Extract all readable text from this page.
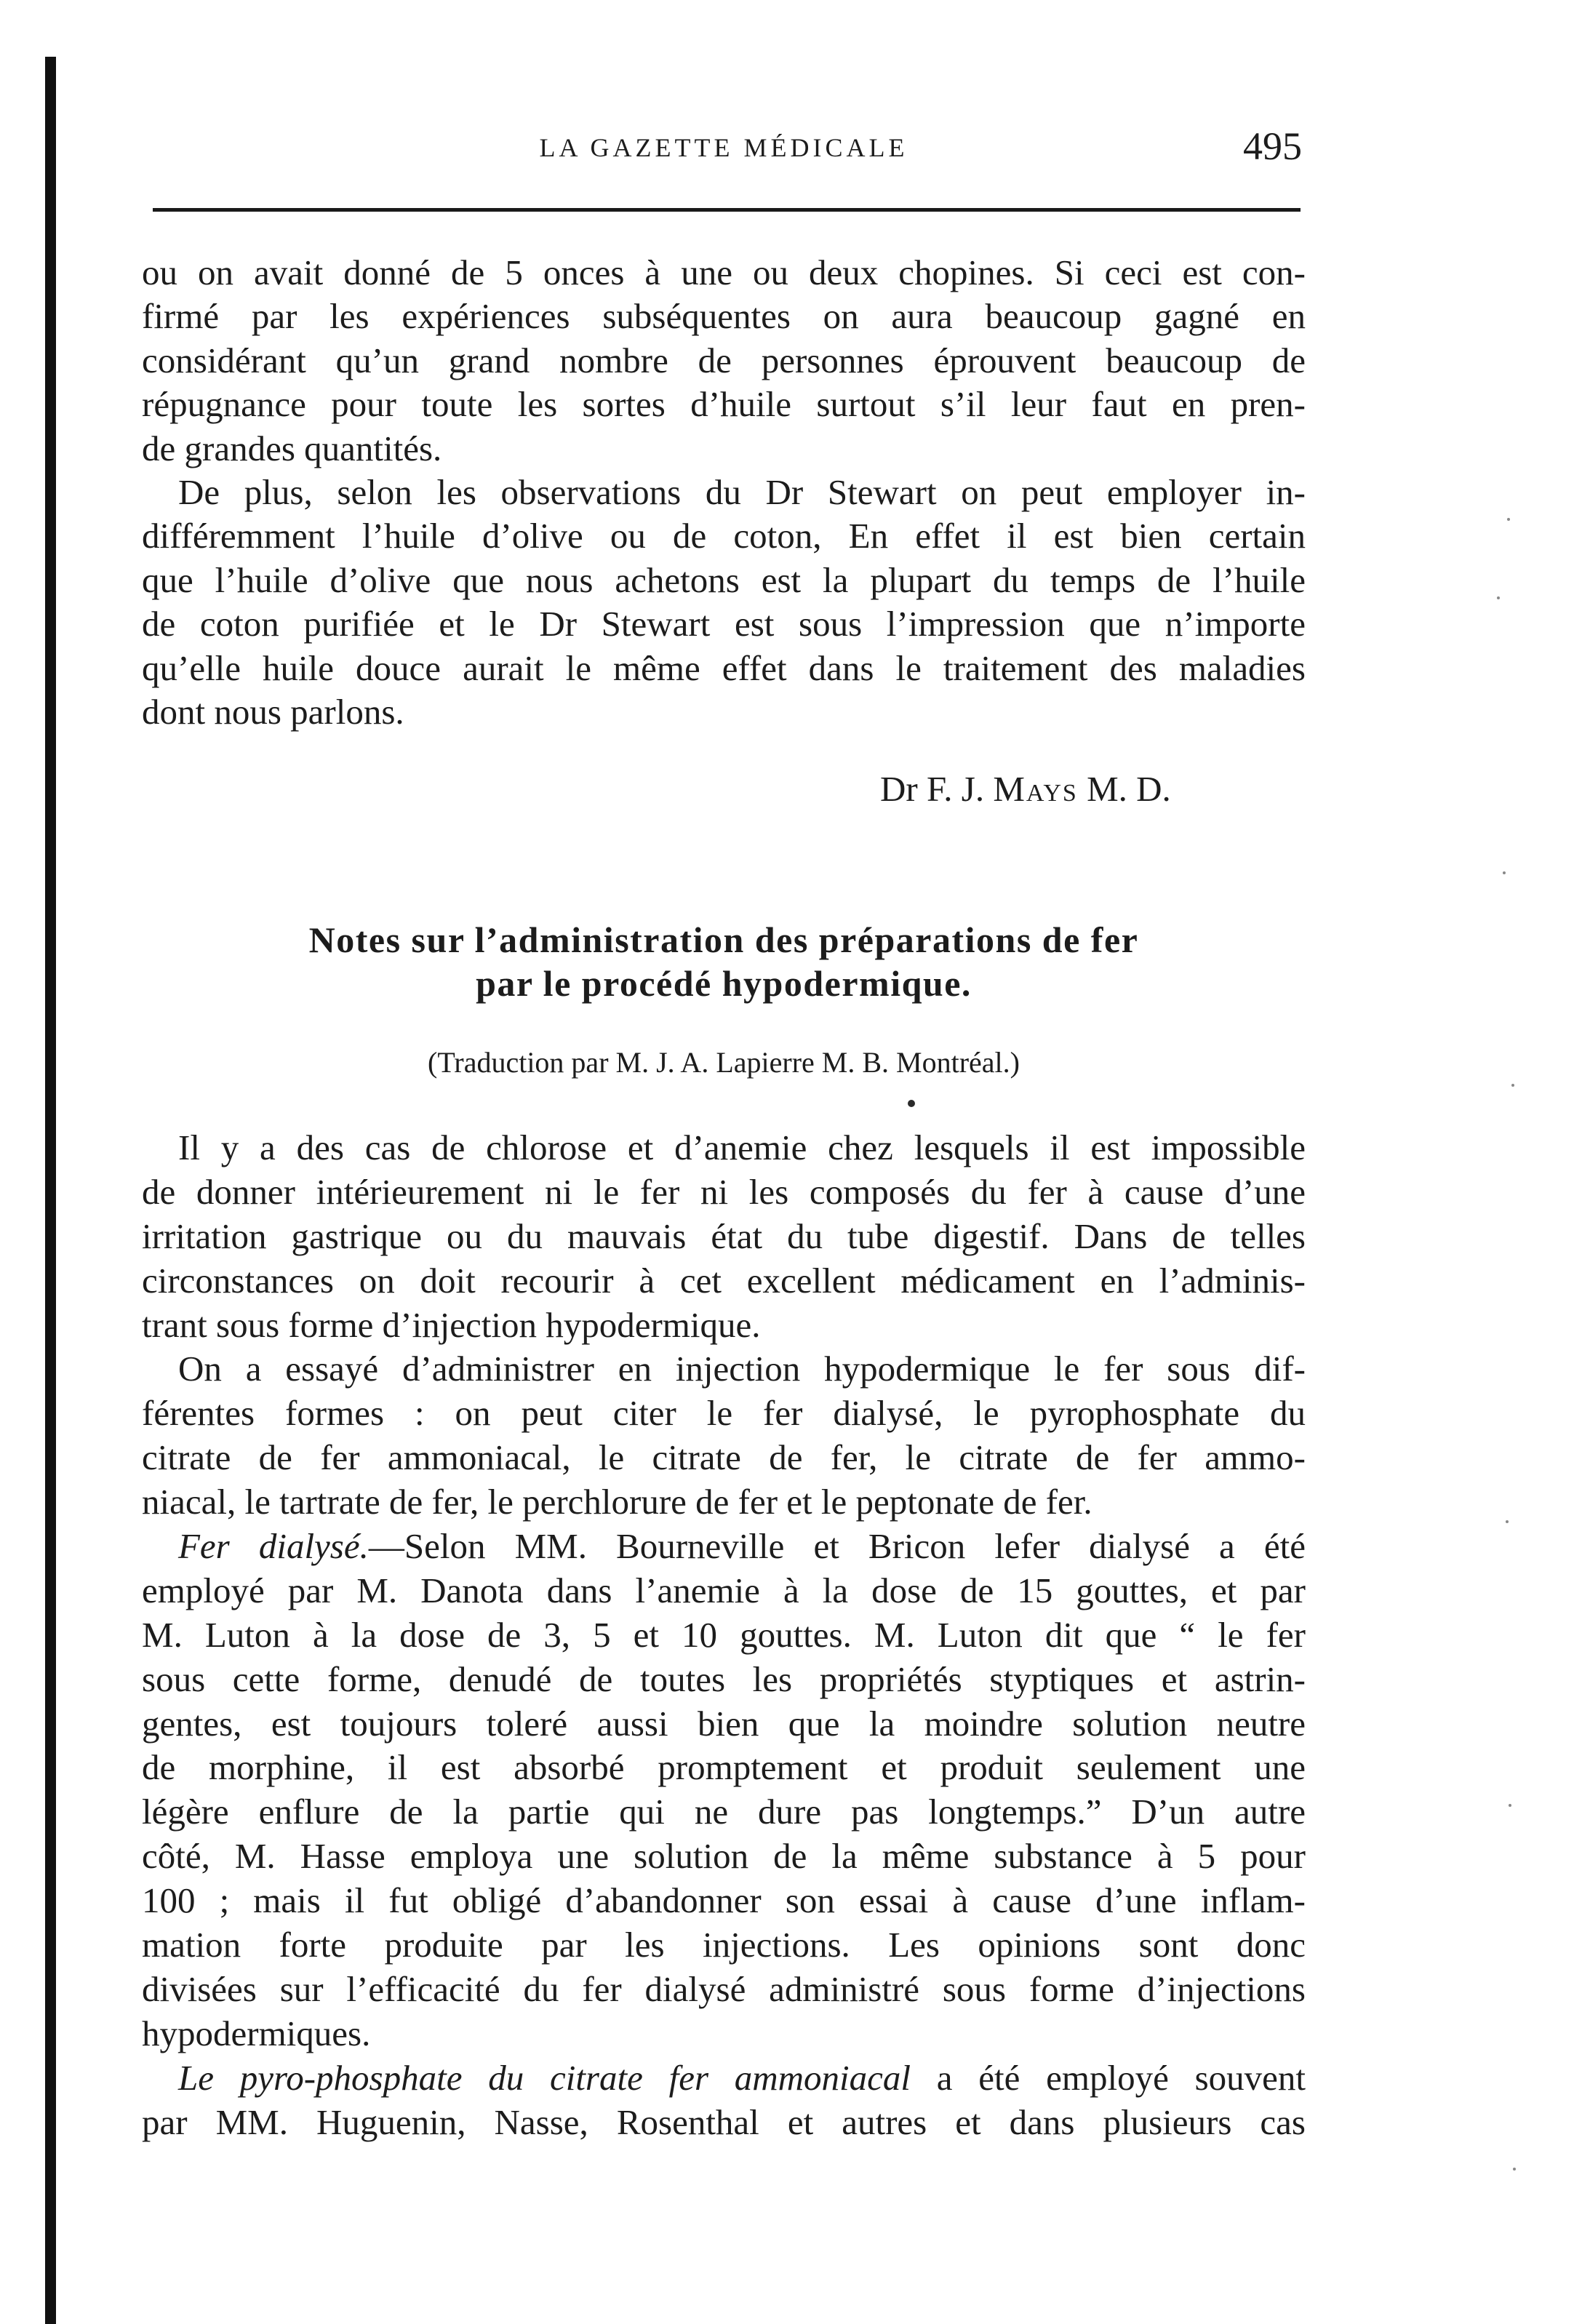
LA GAZETTE MÉDICALE	495
ou on avait donné de 5 onces à une ou deux chopines. Si ceci est con-
firmé par les expériences subséquentes on aura beaucoup gagné en
considérant qu’un grand nombre de personnes éprouvent beaucoup de
répugnance pour toute les sortes d’huile surtout s’il leur faut en pren-
de grandes quantités.
De plus, selon les observations du Dr Stewart on peut employer in-
différemment l’huile d’olive ou de coton, En effet il est bien certain
que l’huile d’olive que nous achetons est la plupart du temps de l’huile
de coton purifiée et le Dr Stewart est sous l’impression que n’importe
qu’elle huile douce aurait le même effet dans le traitement des maladies
dont nous parlons.
Dr F. J. Mays M. D.
Notes sur l’administration des préparations de fer
par le procédé hypodermique.
(Traduction par M. J. A. Lapierre M. B. Montréal.)
Il y a des cas de chlorose et d’anemie chez lesquels il est impossible
de donner intérieurement ni le fer ni les composés du fer à cause d’une
irritation gastrique ou du mauvais état du tube digestif. Dans de telles
circonstances on doit recourir à cet excellent médicament en l’adminis-
trant sous forme d’injection hypodermique.
On a essayé d’administrer en injection hypodermique le fer sous dif-
férentes formes : on peut citer le fer dialysé, le pyrophosphate du
citrate de fer ammoniacal, le citrate de fer, le citrate de fer ammo-
niacal, le tartrate de fer, le perchlorure de fer et le peptonate de fer.
Fer dialysé.—Selon MM. Bourneville et Bricon lefer dialysé a été
employé par M. Danota dans l’anemie à la dose de 15 gouttes, et par
M. Luton à la dose de 3, 5 et 10 gouttes. M. Luton dit que “ le fer
sous cette forme, denudé de toutes les propriétés styptiques et astrin-
gentes, est toujours toleré aussi bien que la moindre solution neutre
de morphine, il est absorbé promptement et produit seulement une
légère enflure de la partie qui ne dure pas longtemps.” D’un autre
côté, M. Hasse employa une solution de la même substance à 5 pour
100 ; mais il fut obligé d’abandonner son essai à cause d’une inflam-
mation forte produite par les injections. Les opinions sont donc
divisées sur l’efficacité du fer dialysé administré sous forme d’injections
hypodermiques.
Le pyro-phosphate du citrate fer ammoniacal a été employé souvent
par MM. Huguenin, Nasse, Rosenthal et autres et dans plusieurs cas
